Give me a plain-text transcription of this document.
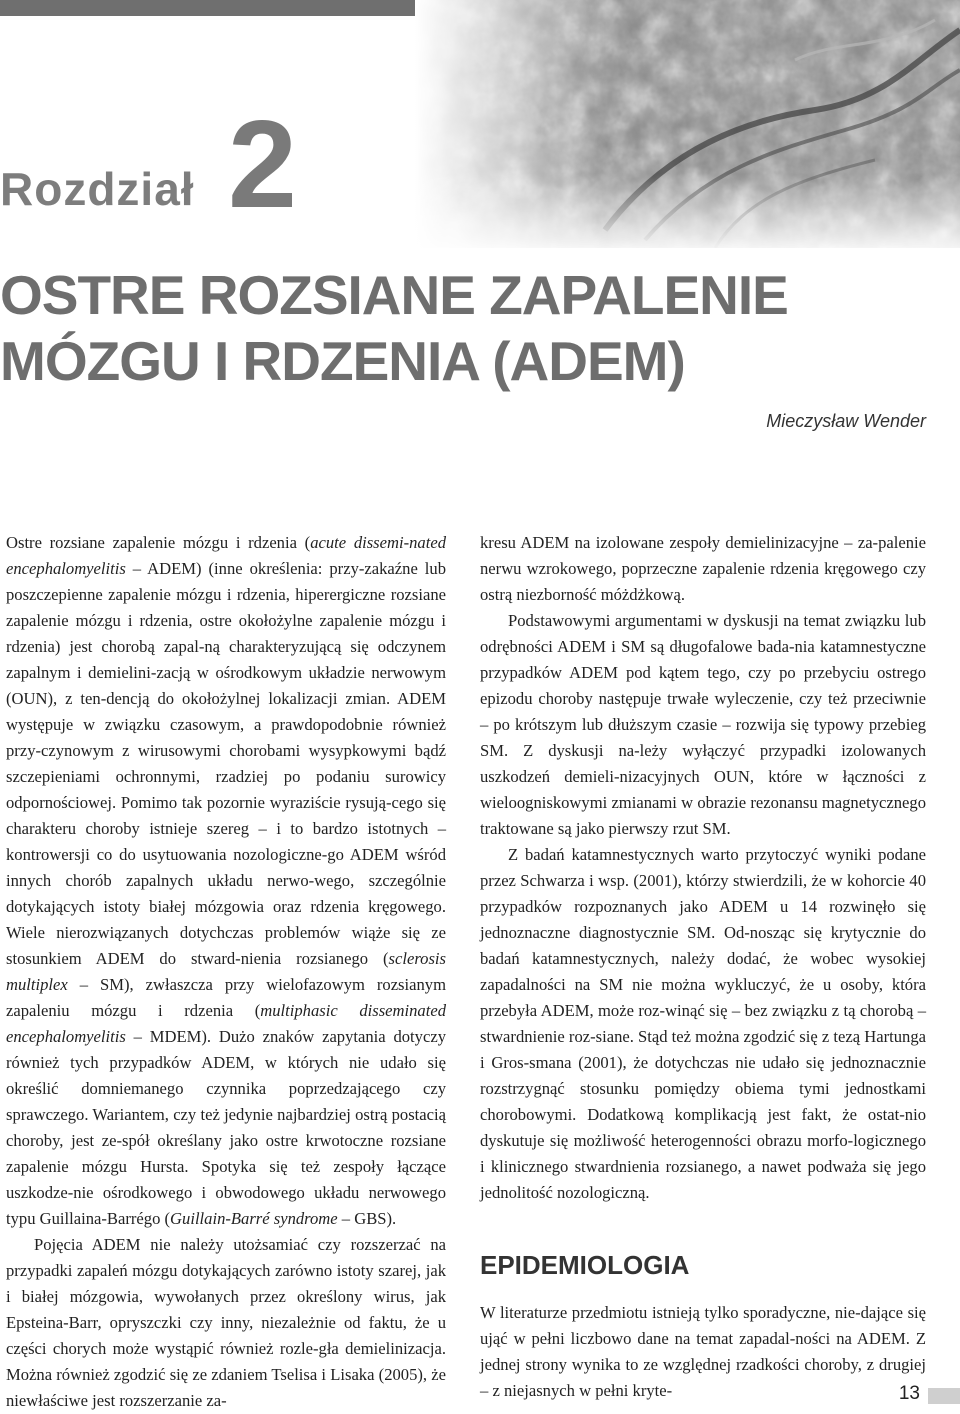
Rozdział 2
OSTRE ROZSIANE ZAPALENIE
MÓZGU I RDZENIA (ADEM)
Mieczysław Wender

Ostre rozsiane zapalenie mózgu i rdzenia (acute dissemi-nated encephalomyelitis – ADEM) (inne określenia: przy-zakaźne lub poszczepienne zapalenie mózgu i rdzenia, hiperergiczne rozsiane zapalenie mózgu i rdzenia, ostre okołożylne zapalenie mózgu i rdzenia) jest chorobą zapal-ną charakteryzującą się odczynem zapalnym i demielini-zacją w ośrodkowym układzie nerwowym (OUN), z ten-dencją do okołożylnej lokalizacji zmian. ADEM występuje w związku czasowym, a prawdopodobnie również przy-czynowym z wirusowymi chorobami wysypkowymi bądź szczepieniami ochronnymi, rzadziej po podaniu surowicy odpornościowej. Pomimo tak pozornie wyraziście rysują-cego się charakteru choroby istnieje szereg – i to bardzo istotnych – kontrowersji co do usytuowania nozologiczne-go ADEM wśród innych chorób zapalnych układu nerwo-wego, szczególnie dotykających istoty białej mózgowia oraz rdzenia kręgowego. Wiele nierozwiązanych dotychczas problemów wiąże się ze stosunkiem ADEM do stward-nienia rozsianego (sclerosis multiplex – SM), zwłaszcza przy wielofazowym rozsianym zapaleniu mózgu i rdzenia (multiphasic disseminated encephalomyelitis – MDEM). Dużo znaków zapytania dotyczy również tych przypadków ADEM, w których nie udało się określić domniemanego czynnika poprzedzającego czy sprawczego. Wariantem, czy też jedynie najbardziej ostrą postacią choroby, jest ze-spół określany jako ostre krwotoczne rozsiane zapalenie mózgu Hursta. Spotyka się też zespoły łączące uszkodze-nie ośrodkowego i obwodowego układu nerwowego typu Guillaina-Barrégo (Guillain-Barré syndrome – GBS).

Pojęcia ADEM nie należy utożsamiać czy rozszerzać na przypadki zapaleń mózgu dotykających zarówno istoty szarej, jak i białej mózgowia, wywołanych przez określony wirus, jak Epsteina-Barr, opryszczki czy inny, niezależnie od faktu, że u części chorych może wystąpić również rozle-gła demielinizacja. Można również zgodzić się ze zdaniem Tselisa i Lisaka (2005), że niewłaściwe jest rozszerzanie za-

kresu ADEM na izolowane zespoły demielinizacyjne – za-palenie nerwu wzrokowego, poprzeczne zapalenie rdzenia kręgowego czy ostrą niezborność móżdżkową.

Podstawowymi argumentami w dyskusji na temat związku lub odrębności ADEM i SM są długofalowe bada-nia katamnestyczne przypadków ADEM pod kątem tego, czy po przebyciu ostrego epizodu choroby następuje trwałe wyleczenie, czy też przeciwnie – po krótszym lub dłuższym czasie – rozwija się typowy przebieg SM. Z dyskusji na-leży wyłączyć przypadki izolowanych uszkodzeń demieli-nizacyjnych OUN, które w łączności z wieloogniskowymi zmianami w obrazie rezonansu magnetycznego traktowane są jako pierwszy rzut SM.

Z badań katamnestycznych warto przytoczyć wyniki podane przez Schwarza i wsp. (2001), którzy stwierdzili, że w kohorcie 40 przypadków rozpoznanych jako ADEM u 14 rozwinęło się jednoznaczne diagnostycznie SM. Od-nosząc się krytycznie do badań katamnestycznych, należy dodać, że wobec wysokiej zapadalności na SM nie można wykluczyć, że u osoby, która przebyła ADEM, może roz-winąć się – bez związku z tą chorobą – stwardnienie roz-siane. Stąd też można zgodzić się z tezą Hartunga i Gros-smana (2001), że dotychczas nie udało się jednoznacznie rozstrzygnąć stosunku pomiędzy obiema tymi jednostkami chorobowymi. Dodatkową komplikacją jest fakt, że ostat-nio dyskutuje się możliwość heterogenności obrazu morfo-logicznego i klinicznego stwardnienia rozsianego, a nawet podważa się jego jednolitość nozologiczną.

EPIDEMIOLOGIA

W literaturze przedmiotu istnieją tylko sporadyczne, nie-dające się ująć w pełni liczbowo dane na temat zapadal-ności na ADEM. Z jednej strony wynika to ze względnej rzadkości choroby, z drugiej – z niejasnych w pełni kryte-	13
